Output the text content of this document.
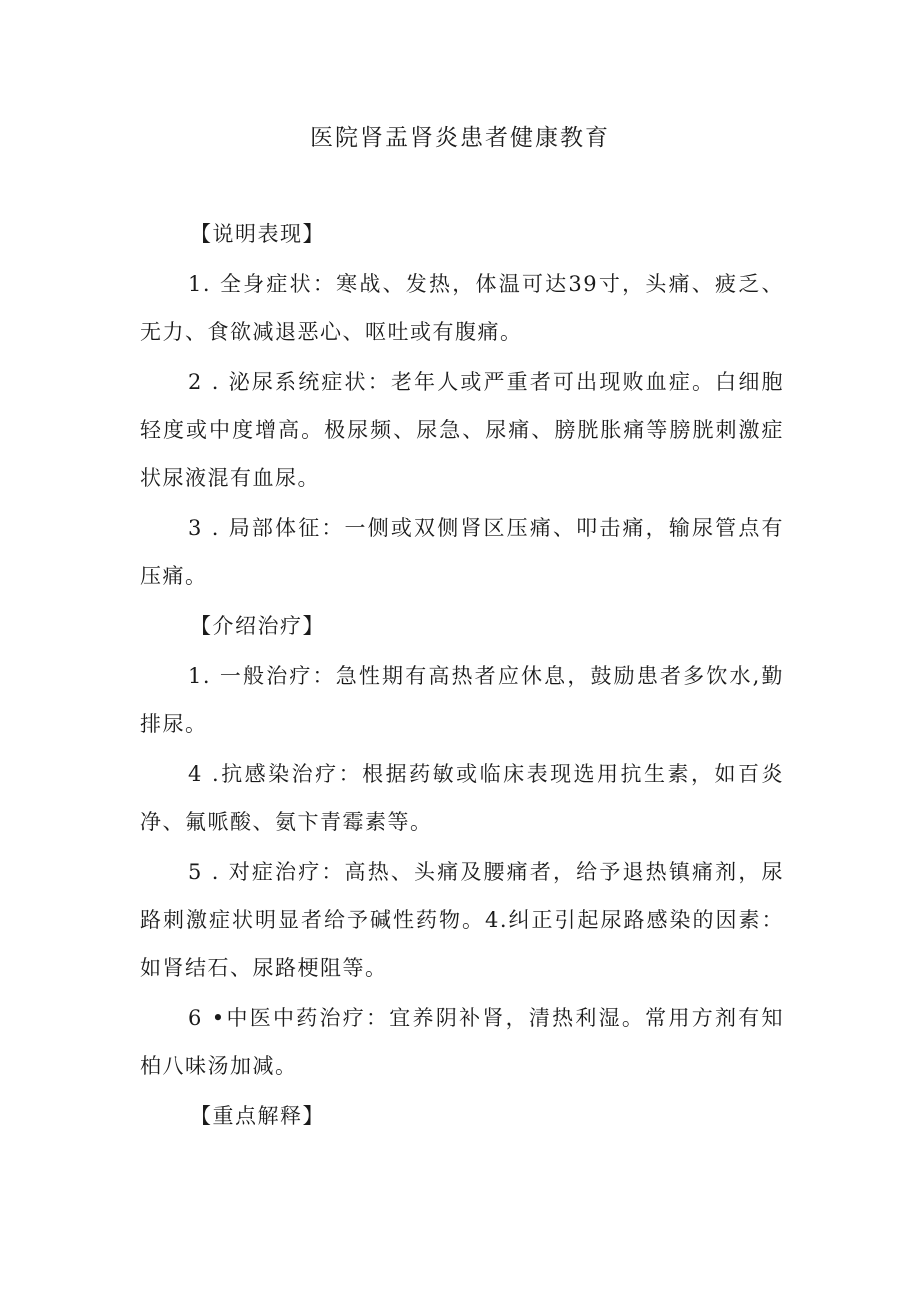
医院肾盂肾炎患者健康教育
【说明表现】
1. 全身症状：寒战、发热，体温可达39寸，头痛、疲乏、无力、食欲减退恶心、呕吐或有腹痛。
2 . 泌尿系统症状：老年人或严重者可出现败血症。白细胞轻度或中度增高。极尿频、尿急、尿痛、膀胱胀痛等膀胱刺激症状尿液混有血尿。
3 . 局部体征：一侧或双侧肾区压痛、叩击痛，输尿管点有压痛。
【介绍治疗】
1. 一般治疗：急性期有高热者应休息，鼓励患者多饮水,勤排尿。
4 .抗感染治疗：根据药敏或临床表现选用抗生素，如百炎净、氟哌酸、氨卞青霉素等。
5 . 对症治疗：高热、头痛及腰痛者，给予退热镇痛剂，尿路刺激症状明显者给予碱性药物。4.纠正引起尿路感染的因素：如肾结石、尿路梗阻等。
6 •中医中药治疗：宜养阴补肾，清热利湿。常用方剂有知柏八味汤加减。
【重点解释】
